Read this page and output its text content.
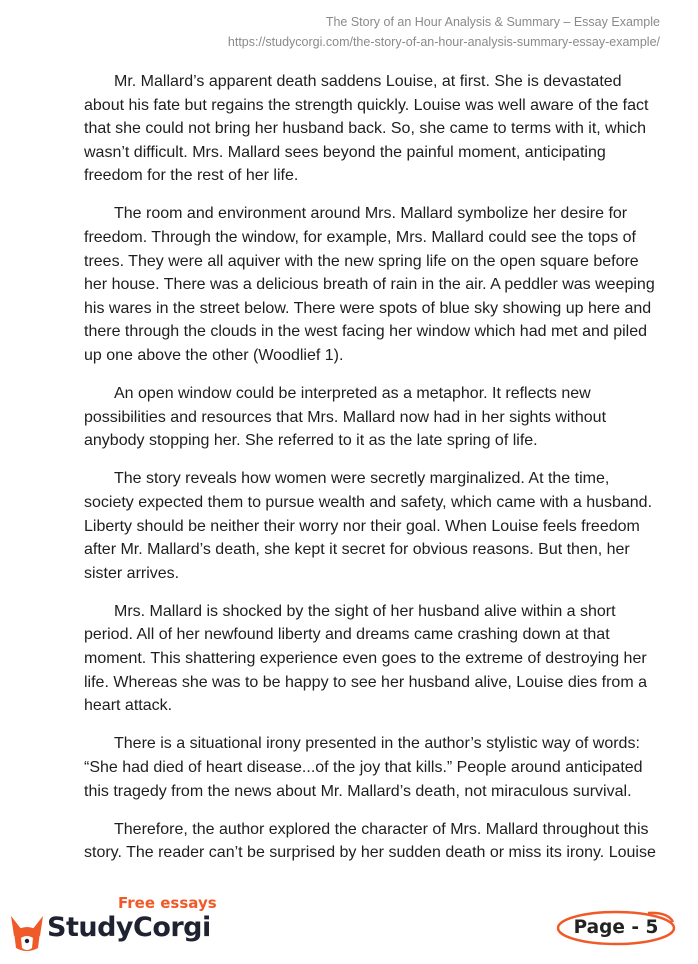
The Story of an Hour Analysis & Summary – Essay Example
https://studycorgi.com/the-story-of-an-hour-analysis-summary-essay-example/

Mr. Mallard’s apparent death saddens Louise, at first. She is devastated about his fate but regains the strength quickly. Louise was well aware of the fact that she could not bring her husband back. So, she came to terms with it, which wasn’t difficult. Mrs. Mallard sees beyond the painful moment, anticipating freedom for the rest of her life.

The room and environment around Mrs. Mallard symbolize her desire for freedom. Through the window, for example, Mrs. Mallard could see the tops of trees. They were all aquiver with the new spring life on the open square before her house. There was a delicious breath of rain in the air. A peddler was weeping his wares in the street below. There were spots of blue sky showing up here and there through the clouds in the west facing her window which had met and piled up one above the other (Woodlief 1).

An open window could be interpreted as a metaphor. It reflects new possibilities and resources that Mrs. Mallard now had in her sights without anybody stopping her. She referred to it as the late spring of life.

The story reveals how women were secretly marginalized. At the time, society expected them to pursue wealth and safety, which came with a husband. Liberty should be neither their worry nor their goal. When Louise feels freedom after Mr. Mallard’s death, she kept it secret for obvious reasons. But then, her sister arrives.

Mrs. Mallard is shocked by the sight of her husband alive within a short period. All of her newfound liberty and dreams came crashing down at that moment. This shattering experience even goes to the extreme of destroying her life. Whereas she was to be happy to see her husband alive, Louise dies from a heart attack.

There is a situational irony presented in the author’s stylistic way of words: “She had died of heart disease...of the joy that kills.” People around anticipated this tragedy from the news about Mr. Mallard’s death, not miraculous survival.

Therefore, the author explored the character of Mrs. Mallard throughout this story. The reader can’t be surprised by her sudden death or miss its irony. Louise

Free essays
StudyCorgi	Page - 5
